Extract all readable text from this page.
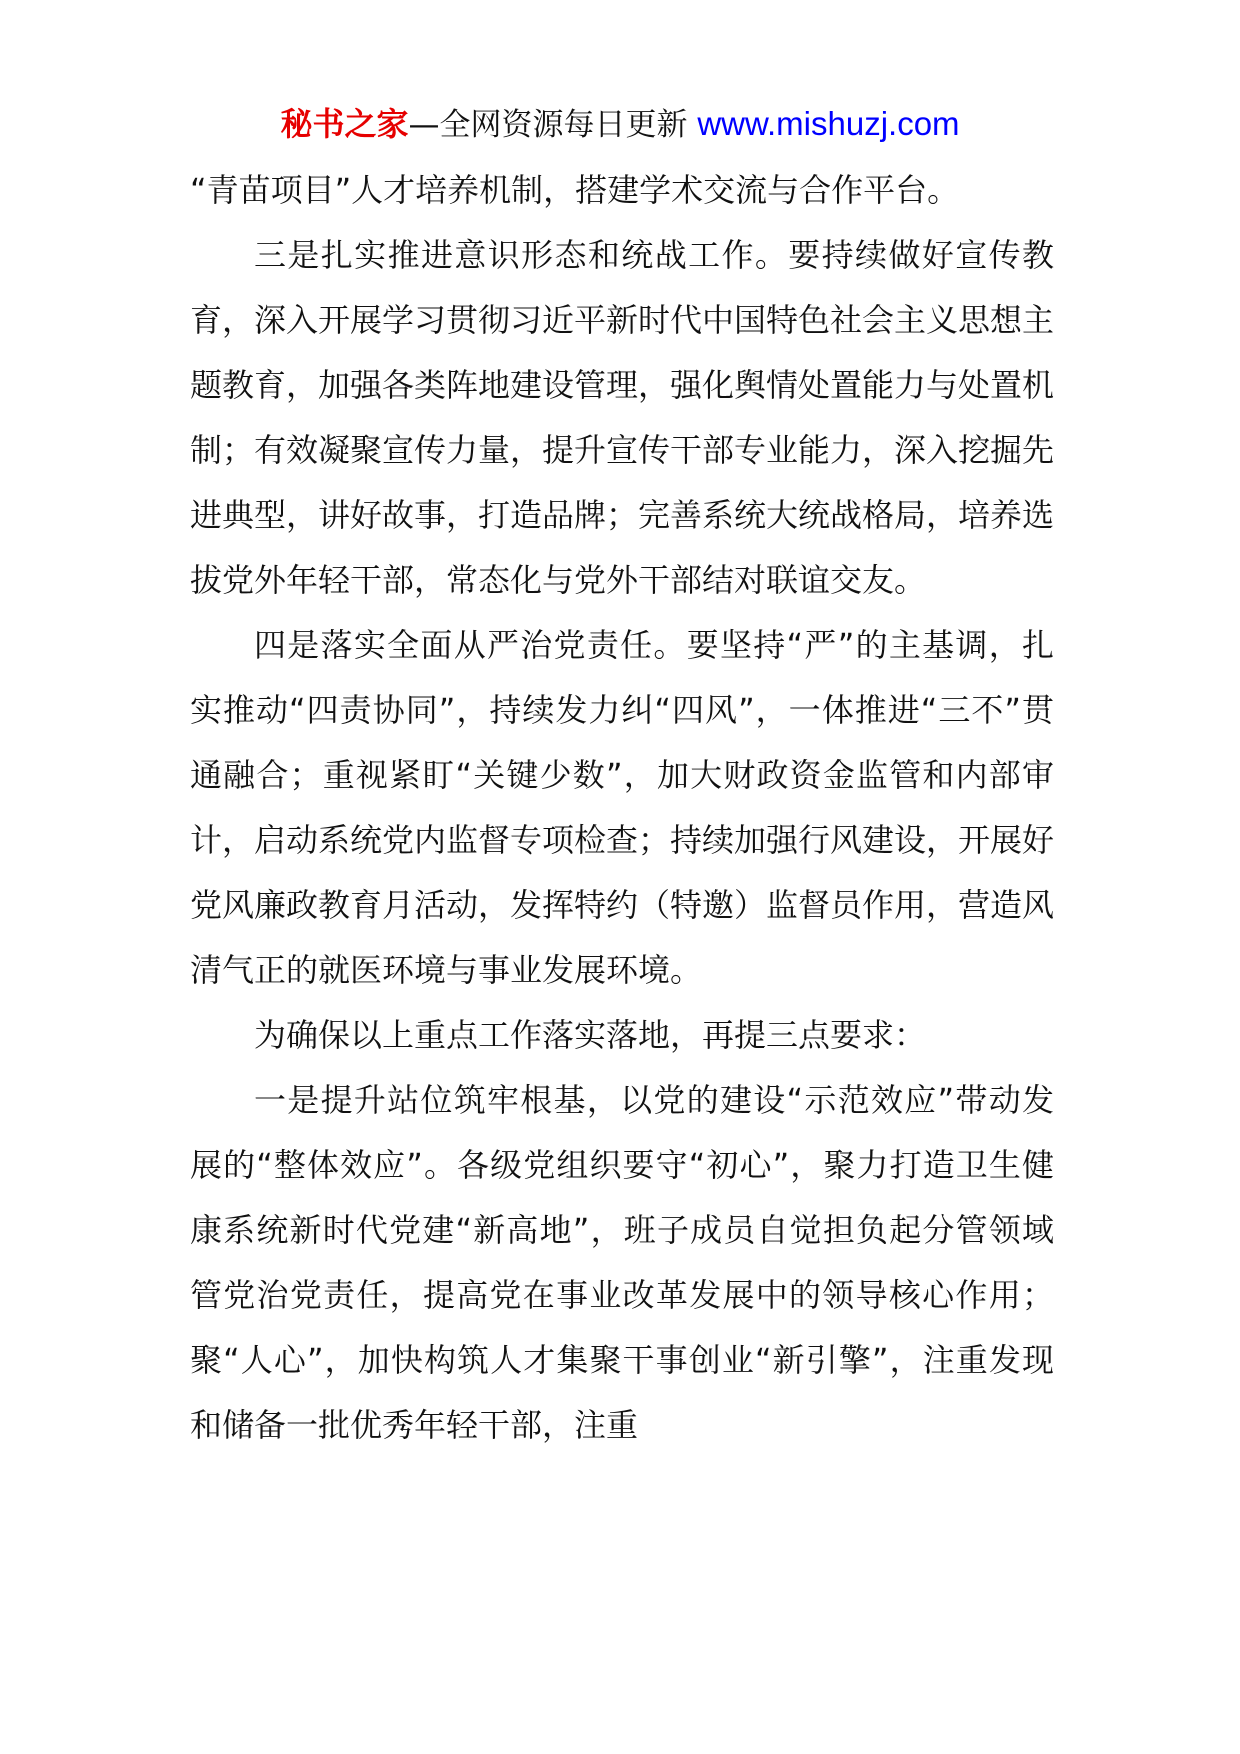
秘书之家—全网资源每日更新 www.mishuzj.com

“青苗项目”人才培养机制，搭建学术交流与合作平台。

三是扎实推进意识形态和统战工作。要持续做好宣传教育，深入开展学习贯彻习近平新时代中国特色社会主义思想主题教育，加强各类阵地建设管理，强化舆情处置能力与处置机制；有效凝聚宣传力量，提升宣传干部专业能力，深入挖掘先进典型，讲好故事，打造品牌；完善系统大统战格局，培养选拔党外年轻干部，常态化与党外干部结对联谊交友。

四是落实全面从严治党责任。要坚持“严”的主基调，扎实推动“四责协同”，持续发力纠“四风”，一体推进“三不”贯通融合；重视紧盯“关键少数”，加大财政资金监管和内部审计，启动系统党内监督专项检查；持续加强行风建设，开展好党风廉政教育月活动，发挥特约（特邀）监督员作用，营造风清气正的就医环境与事业发展环境。

为确保以上重点工作落实落地，再提三点要求：

一是提升站位筑牢根基，以党的建设“示范效应”带动发展的“整体效应”。各级党组织要守“初心”，聚力打造卫生健康系统新时代党建“新高地”，班子成员自觉担负起分管领域管党治党责任，提高党在事业改革发展中的领导核心作用；聚“人心”，加快构筑人才集聚干事创业“新引擎”，注重发现和储备一批优秀年轻干部，注重
